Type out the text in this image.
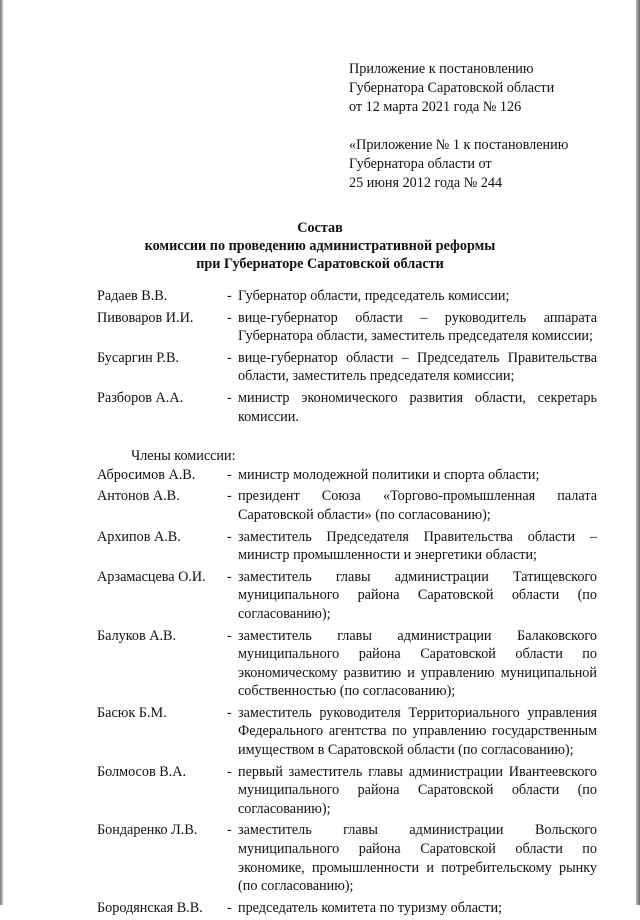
Приложение к постановлению
Губернатора Саратовской области
от 12 марта 2021 года № 126
«Приложение № 1 к постановлению
Губернатора области от
25 июня 2012 года № 244
Состав
комиссии по проведению административной реформы
при Губернаторе Саратовской области
Радаев В.В.	- Губернатор области, председатель комиссии;
Пивоваров И.И.	- вице-губернатор области – руководитель аппарата Губернатора области, заместитель председателя комиссии;
Бусаргин Р.В.	- вице-губернатор области – Председатель Правительства области, заместитель председателя комиссии;
Разборов А.А.	- министр экономического развития области, секретарь комиссии.
Члены комиссии:
Абросимов А.В.	- министр молодежной политики и спорта области;
Антонов А.В.	- президент Союза «Торгово-промышленная палата Саратовской области» (по согласованию);
Архипов А.В.	- заместитель Председателя Правительства области – министр промышленности и энергетики области;
Арзамасцева О.И.	- заместитель главы администрации Татищевского муниципального района Саратовской области (по согласованию);
Балуков А.В.	- заместитель главы администрации Балаковского муниципального района Саратовской области по экономическому развитию и управлению муниципальной собственностью (по согласованию);
Басюк Б.М.	- заместитель руководителя Территориального управления Федерального агентства по управлению государственным имуществом в Саратовской области (по согласованию);
Болмосов В.А.	- первый заместитель главы администрации Ивантеевского муниципального района Саратовской области (по согласованию);
Бондаренко Л.В.	- заместитель главы администрации Вольского муниципального района Саратовской области по экономике, промышленности и потребительскому рынку (по согласованию);
Бородянская В.В.	- председатель комитета по туризму области;
